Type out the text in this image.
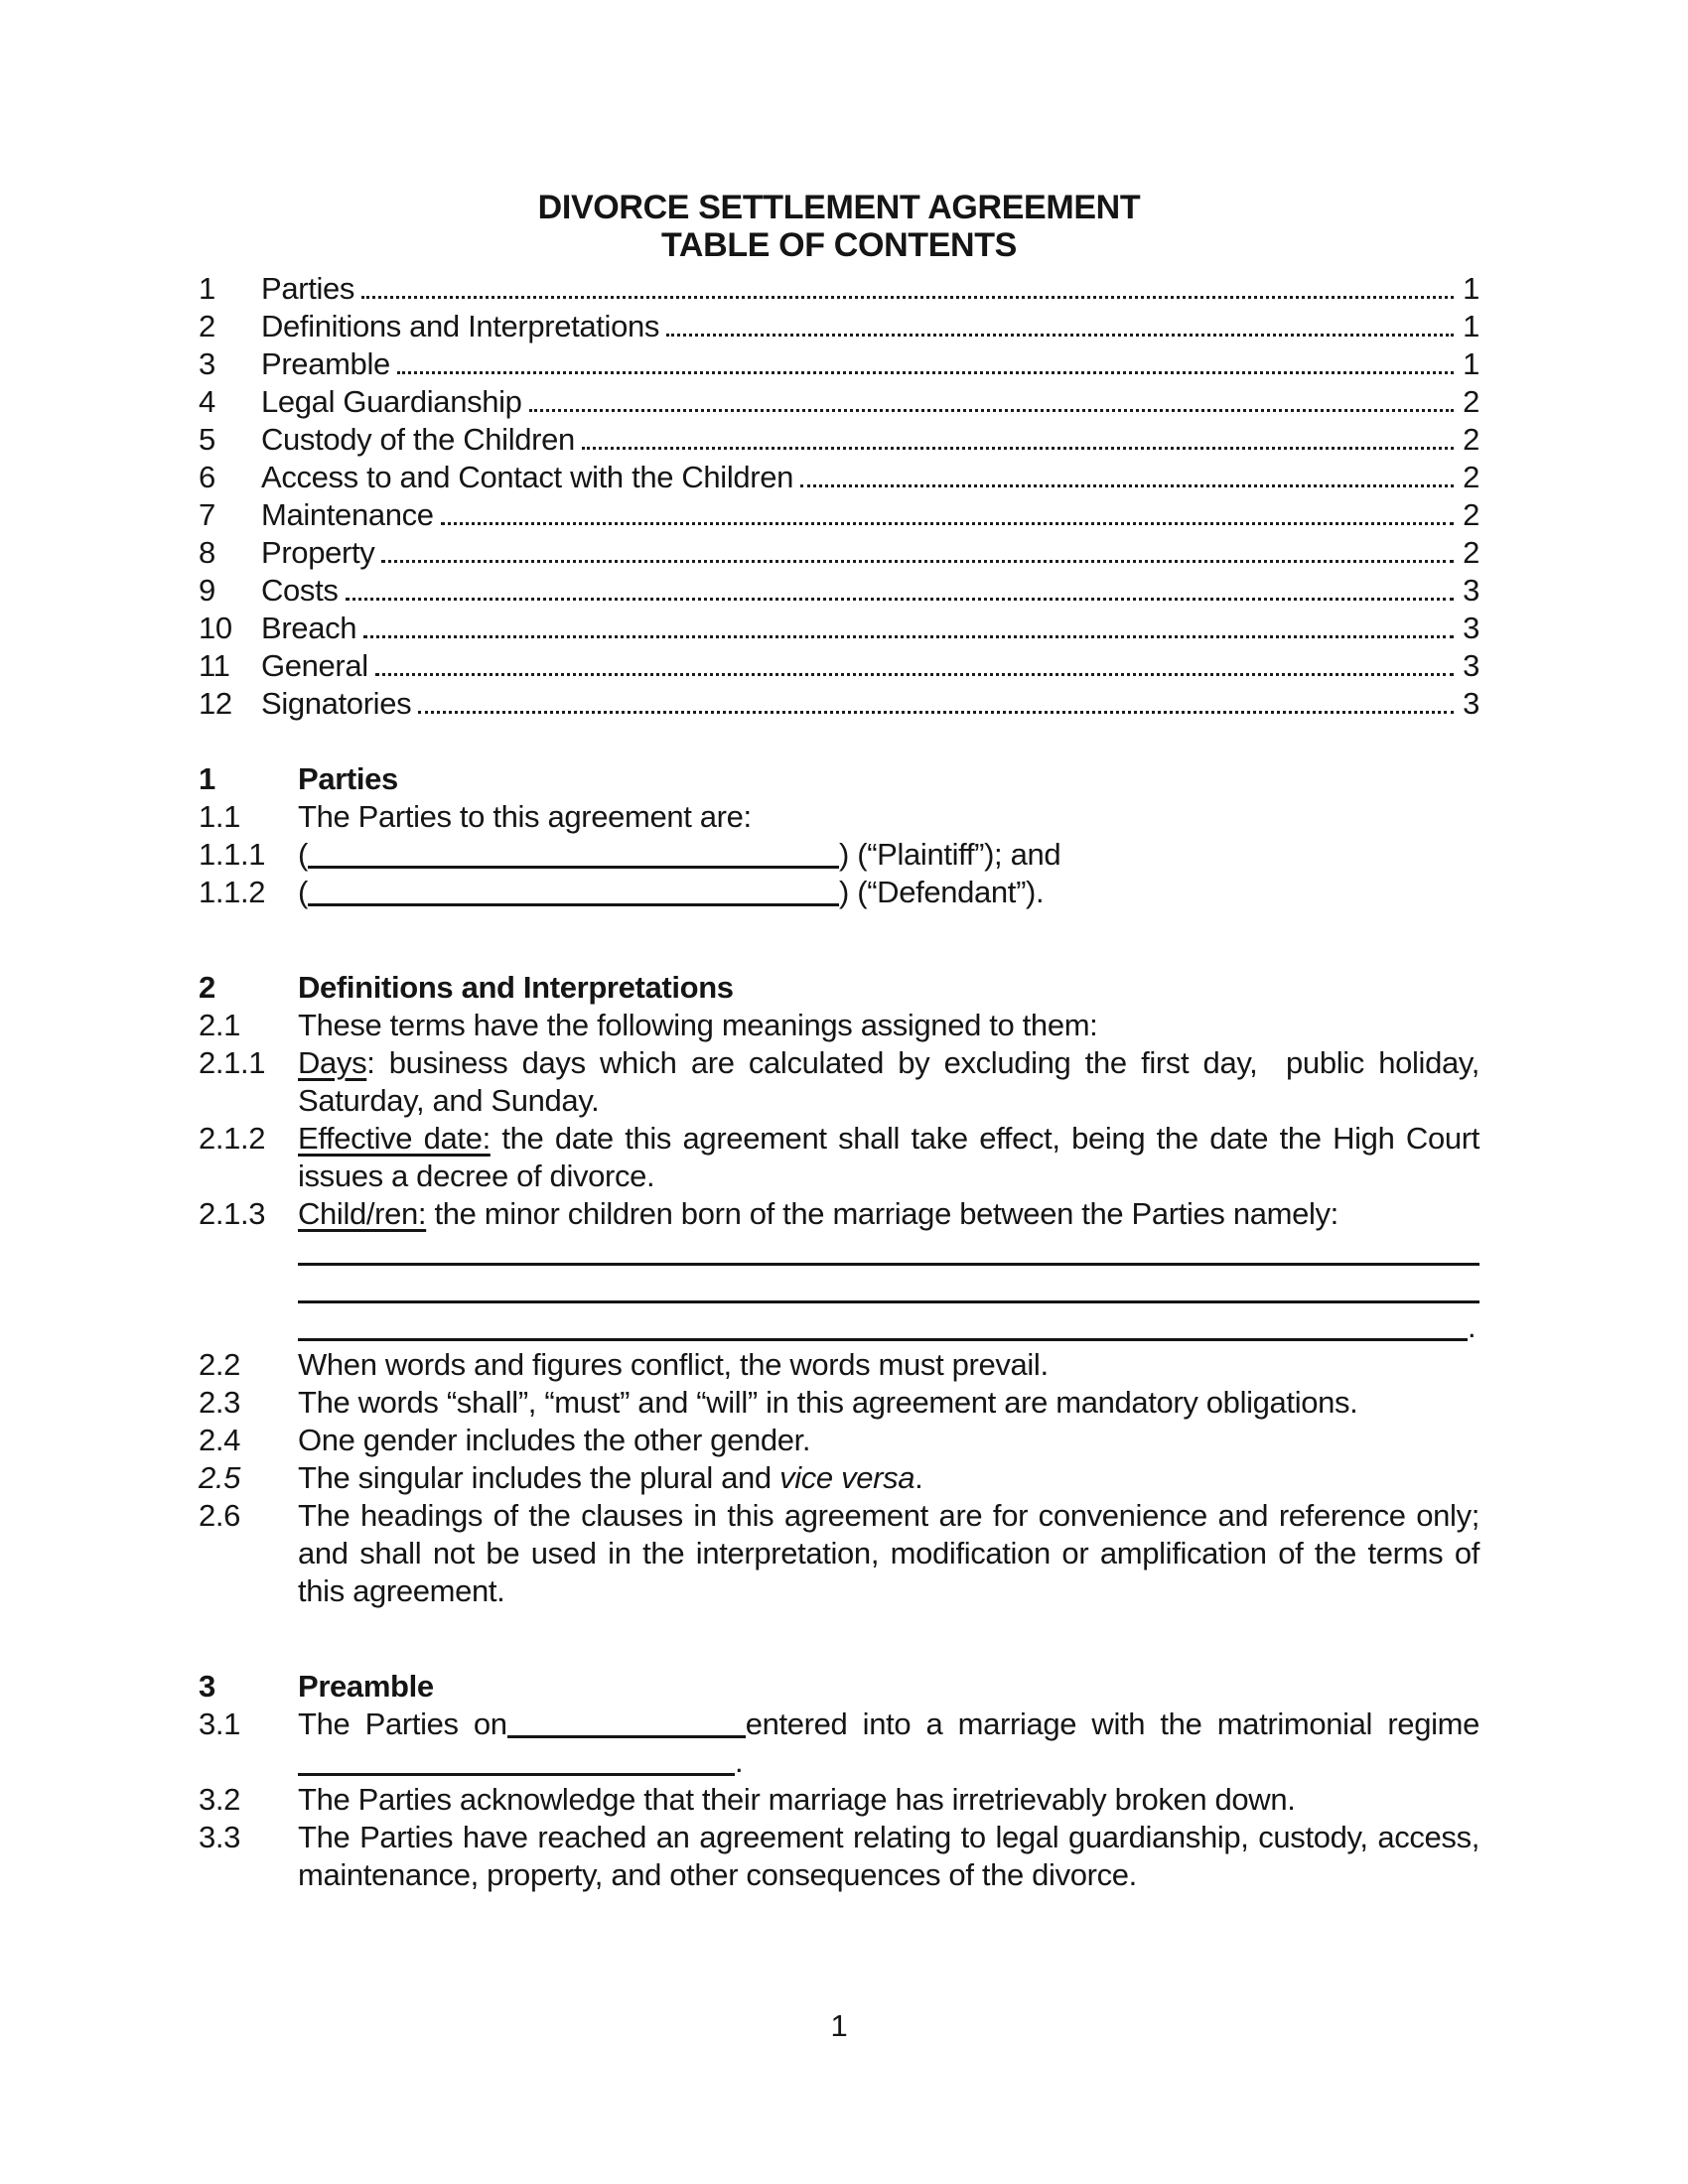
DIVORCE SETTLEMENT AGREEMENT
TABLE OF CONTENTS
1	Parties	1
2	Definitions and Interpretations	1
3	Preamble	1
4	Legal Guardianship	2
5	Custody of the Children	2
6	Access to and Contact with the Children	2
7	Maintenance	2
8	Property	2
9	Costs	3
10 Breach	3
11	General	3
12 Signatories	3
1	Parties
1.1	The Parties to this agreement are:
1.1.1	(	) (“Plaintiff”); and
1.1.2	(	) (“Defendant”).
2	Definitions and Interpretations
2.1	These terms have the following meanings assigned to them:
2.1.1	Days: business days which are calculated by excluding the first day,  public holiday, Saturday, and Sunday.
2.1.2	Effective date: the date this agreement shall take effect, being the date the High Court issues a decree of divorce.
2.1.3	Child/ren: the minor children born of the marriage between the Parties namely:
.
2.2	When words and figures conflict, the words must prevail.
2.3	The words “shall”, “must” and “will” in this agreement are mandatory obligations.
2.4	One gender includes the other gender.
2.5	The singular includes the plural and vice versa.
2.6	The headings of the clauses in this agreement are for convenience and reference only; and shall not be used in the interpretation, modification or amplification of the terms of this agreement.
3	Preamble
3.1	The Parties on	entered into a marriage with the matrimonial regime.
3.2	The Parties acknowledge that their marriage has irretrievably broken down.
3.3	The Parties have reached an agreement relating to legal guardianship, custody, access, maintenance, property, and other consequences of the divorce.
1
